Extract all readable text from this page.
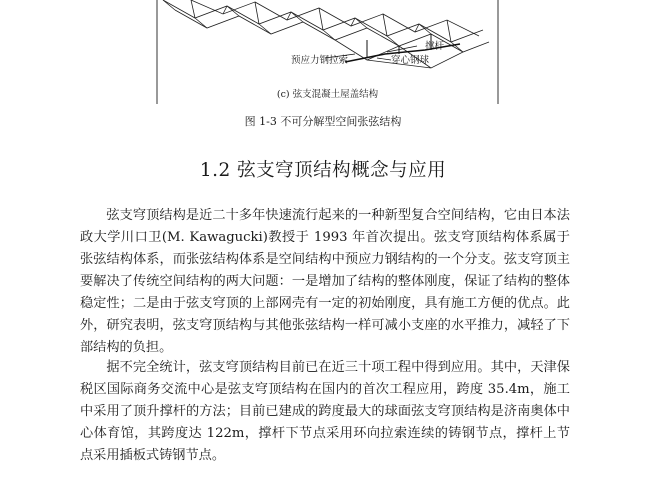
撑杆
预应力钢拉索	穿心钢球
(c) 弦支混凝土屋盖结构
图 1-3 不可分解型空间张弦结构
1.2 弦支穹顶结构概念与应用

弦支穹顶结构是近二十多年快速流行起来的一种新型复合空间结构，它由日本法政大学川口卫(M. Kawagucki)教授于 1993 年首次提出。弦支穹顶结构体系属于张弦结构体系，而张弦结构体系是空间结构中预应力钢结构的一个分支。弦支穹顶主要解决了传统空间结构的两大问题：一是增加了结构的整体刚度，保证了结构的整体稳定性；二是由于弦支穹顶的上部网壳有一定的初始刚度，具有施工方便的优点。此外，研究表明，弦支穹顶结构与其他张弦结构一样可减小支座的水平推力，减轻了下部结构的负担。

据不完全统计，弦支穹顶结构目前已在近三十项工程中得到应用。其中，天津保税区国际商务交流中心是弦支穹顶结构在国内的首次工程应用，跨度 35.4m，施工中采用了顶升撑杆的方法；目前已建成的跨度最大的球面弦支穹顶结构是济南奥体中心体育馆，其跨度达 122m，撑杆下节点采用环向拉索连续的铸钢节点，撑杆上节点采用插板式铸钢节点。
